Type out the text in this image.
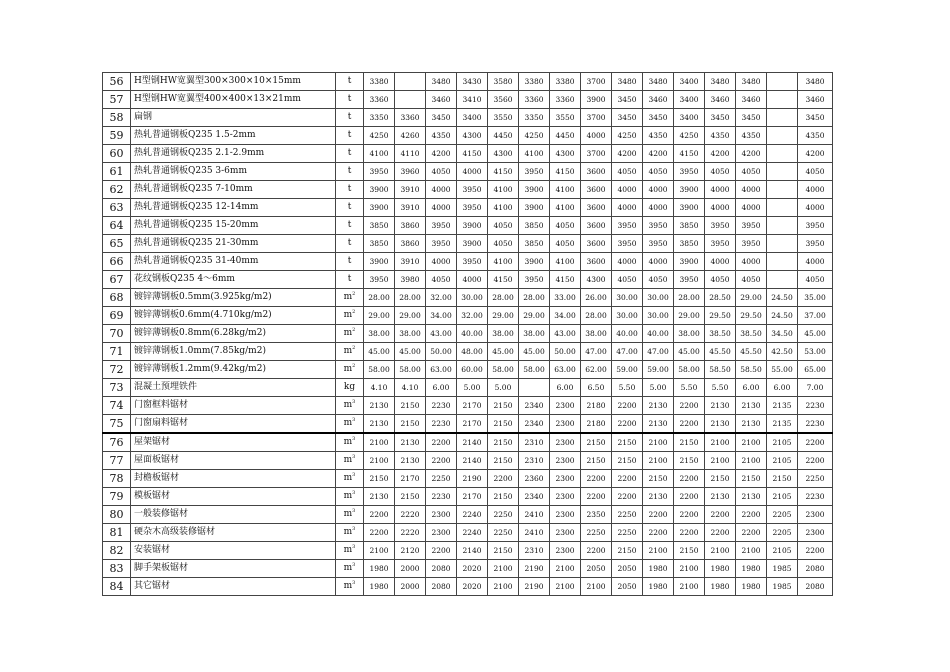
56	H型钢HW宽翼型300×300×10×15mm	t	3380		3480	3430	3580	3380	3380	3700	3480	3480	3400	3480	3480		3480
57	H型钢HW宽翼型400×400×13×21mm	t	3360		3460	3410	3560	3360	3360	3900	3450	3460	3400	3460	3460		3460
58	扁钢	t	3350	3360	3450	3400	3550	3350	3550	3700	3450	3450	3400	3450	3450		3450
59	热轧普通钢板Q235 1.5-2mm	t	4250	4260	4350	4300	4450	4250	4450	4000	4250	4350	4250	4350	4350		4350
60	热轧普通钢板Q235 2.1-2.9mm	t	4100	4110	4200	4150	4300	4100	4300	3700	4200	4200	4150	4200	4200		4200
61	热轧普通钢板Q235 3-6mm	t	3950	3960	4050	4000	4150	3950	4150	3600	4050	4050	3950	4050	4050		4050
62	热轧普通钢板Q235 7-10mm	t	3900	3910	4000	3950	4100	3900	4100	3600	4000	4000	3900	4000	4000		4000
63	热轧普通钢板Q235 12-14mm	t	3900	3910	4000	3950	4100	3900	4100	3600	4000	4000	3900	4000	4000		4000
64	热轧普通钢板Q235 15-20mm	t	3850	3860	3950	3900	4050	3850	4050	3600	3950	3950	3850	3950	3950		3950
65	热轧普通钢板Q235 21-30mm	t	3850	3860	3950	3900	4050	3850	4050	3600	3950	3950	3850	3950	3950		3950
66	热轧普通钢板Q235 31-40mm	t	3900	3910	4000	3950	4100	3900	4100	3600	4000	4000	3900	4000	4000		4000
67	花纹钢板Q235 4～6mm	t	3950	3980	4050	4000	4150	3950	4150	4300	4050	4050	3950	4050	4050		4050
68	镀锌薄钢板0.5mm(3.925kg/m2)	$m^2$	28.00	28.00	32.00	30.00	28.00	28.00	33.00	26.00	30.00	30.00	28.00	28.50	29.00	24.50	35.00
69	镀锌薄钢板0.6mm(4.710kg/m2)	$m^2$	29.00	29.00	34.00	32.00	29.00	29.00	34.00	28.00	30.00	30.00	29.00	29.50	29.50	24.50	37.00
70	镀锌薄钢板0.8mm(6.28kg/m2)	$m^2$	38.00	38.00	43.00	40.00	38.00	38.00	43.00	38.00	40.00	40.00	38.00	38.50	38.50	34.50	45.00
71	镀锌薄钢板1.0mm(7.85kg/m2)	$m^2$	45.00	45.00	50.00	48.00	45.00	45.00	50.00	47.00	47.00	47.00	45.00	45.50	45.50	42.50	53.00
72	镀锌薄钢板1.2mm(9.42kg/m2)	$m^2$	58.00	58.00	63.00	60.00	58.00	58.00	63.00	62.00	59.00	59.00	58.00	58.50	58.50	55.00	65.00
73	混凝土预埋铁件	kg	4.10	4.10	6.00	5.00	5.00		6.00	6.50	5.50	5.00	5.50	5.50	6.00	6.00	7.00
74	门窗框料锯材	$m^3$	2130	2150	2230	2170	2150	2340	2300	2180	2200	2130	2200	2130	2130	2135	2230
75	门窗扇料锯材	$m^3$	2130	2150	2230	2170	2150	2340	2300	2180	2200	2130	2200	2130	2130	2135	2230
76	屋架锯材	$m^3$	2100	2130	2200	2140	2150	2310	2300	2150	2150	2100	2150	2100	2100	2105	2200
77	屋面板锯材	$m^3$	2100	2130	2200	2140	2150	2310	2300	2150	2150	2100	2150	2100	2100	2105	2200
78	封檐板锯材	$m^3$	2150	2170	2250	2190	2200	2360	2300	2200	2200	2150	2200	2150	2150	2150	2250
79	模板锯材	$m^3$	2130	2150	2230	2170	2150	2340	2300	2200	2200	2130	2200	2130	2130	2105	2230
80	一般装修锯材	$m^3$	2200	2220	2300	2240	2250	2410	2300	2350	2250	2200	2200	2200	2200	2205	2300
81	硬杂木高级装修锯材	$m^3$	2200	2220	2300	2240	2250	2410	2300	2250	2250	2200	2200	2200	2200	2205	2300
82	安装锯材	$m^3$	2100	2120	2200	2140	2150	2310	2300	2200	2150	2100	2150	2100	2100	2105	2200
83	脚手架板锯材	$m^3$	1980	2000	2080	2020	2100	2190	2100	2050	2050	1980	2100	1980	1980	1985	2080
84	其它锯材	$m^3$	1980	2000	2080	2020	2100	2190	2100	2100	2050	1980	2100	1980	1980	1985	2080
